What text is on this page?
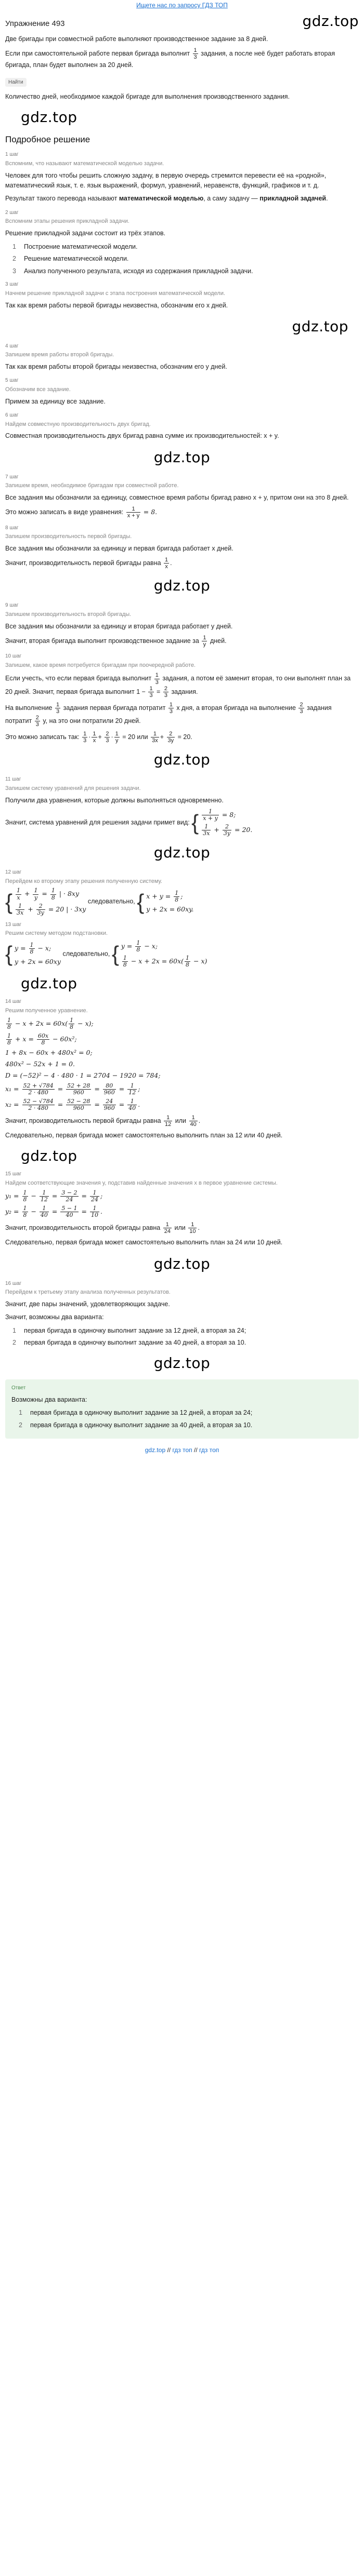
Ищете нас по запросу ГДЗ ТОП
Упражнение 493	gdz.top

Две бригады при совместной работе выполняют производственное задание за 8 дней.

Если при самостоятельной работе первая бригада выполнит $\frac{1}{3}$ задания, а после неё будет работать вторая бригада, план будет выполнен за 20 дней.

Найти

Количество дней, необходимое каждой бригаде для выполнения производственного задания.

gdz.top
Подробное решение
1 шаг
Вспомним, что называют математической моделью задачи.

Человек для того чтобы решить сложную задачу, в первую очередь стремится перевести её на «родной», математический язык, т. е. язык выражений, формул, уравнений, неравенств, функций, графиков и т. д.

Результат такого перевода называют математической моделью, а саму задачу — прикладной задачей.

2 шаг
Вспомним этапы решения прикладной задачи.

Решение прикладной задачи состоит из трёх этапов.

1	Построение математической модели.
2	Решение математической модели.
3	Анализ полученного результата, исходя из содержания прикладной задачи.
3 шаг
Начнем решение прикладной задачи с этапа построения математической модели.

Так как время работы первой бригады неизвестна, обозначим его x дней.

gdz.top
4 шаг
Запишем время работы второй бригады.

Так как время работы второй бригады неизвестна, обозначим его y дней.

5 шаг
Обозначим все задание.

Примем за единицу все задание.

6 шаг
Найдем совместную производительность двух бригад.

Совместная производительность двух бригад равна сумме их производительностей: x + y.

gdz.top
7 шаг
Запишем время, необходимое бригадам при совместной работе.

Все задания мы обозначили за единицу, совместное время работы бригад равно x + y, притом они на это 8 дней.

Это можно записать в виде уравнения: $\frac{1}{x + y} = 8$.

8 шаг
Запишем производительность первой бригады.

Все задания мы обозначили за единицу и первая бригада работает x дней.

Значит, производительность первой бригады равна $\frac{1}{x}$ .

gdz.top
9 шаг
Запишем производительность второй бригады.

Все задания мы обозначили за единицу и вторая бригада работает y дней.

Значит, вторая бригада выполнит производственное задание за $\frac{1}{y}$ дней.

10 шаг
Запишем, какое время потребуется бригадам при поочередной работе.

Если учесть, что если первая бригада выполнит $\frac{1}{3}$ задания, а потом её заменит вторая, то они выполнят план за 20 дней. Значит, первая бригада выполнит $1 - \frac{1}{3} = \frac{2}{3}$ задания.

На выполнение $\frac{1}{3}$ задания первая бригада потратит $\frac{1}{3}$ x дня, а вторая бригада на выполнение $\frac{2}{3}$ задания потратит $\frac{2}{3} y$, на это они потратили 20 дней.

Это можно записать так: $\frac{1}{3} \cdot \frac{1}{x} + \frac{2}{3} \cdot \frac{1}{y} = 20$ или $\frac{1}{3x} + \frac{2}{3y} = 20$.

gdz.top
11 шаг
Запишем систему уравнений для решения задачи.

Получили два уравнения, которые должны выполняться одновременно.

Значит, система уравнений для решения задачи примет вид: { $\frac{1}{x + y} = 8$;
$\frac{1}{3x} + \frac{2}{3y} = 20$.

gdz.top
12 шаг
Перейдем ко второму этапу решения полученную систему.
{ $\frac{1}{x} + \frac{1}{y} = \frac{1}{8}$ | · 8xy
$\frac{1}{3x} + \frac{2}{3y} = 20$ | · 3xy
следовательно, { $x + y = \frac{1}{8}$ ;
y + 2x = 60xy.
13 шаг
Решим систему методом подстановки.
{ $y = \frac{1}{8} - x$;
y + 2x = 60xy
следовательно, { $y = \frac{1}{8} - x$;
$\frac{1}{8} - x + 2x = 60x( \frac{1}{8} - x)$
gdz.top
14 шаг
Решим полученное уравнение.
$\frac{1}{8} - x + 2x = 60x( \frac{1}{8} - x)$;
$\frac{1}{8} + x = \frac{60x}{8} - 60x^2$;
1 + 8x − 60x + 480x² = 0;
480x² − 52x + 1 = 0.
D = (−52)² − 4 · 480 · 1 = 2704 − 1920 = 784;
$x_1 = \frac{52 + √784}{2 \cdot 480} = \frac{52 + 28}{960} = \frac{80}{960} = \frac{1}{12}$ ;
$x_2 = \frac{52 - √784}{2 \cdot 480} = \frac{52 - 28}{960} = \frac{24}{960} = \frac{1}{40}$ .

Значит, производительность первой бригады равна $\frac{1}{12}$ или $\frac{1}{40}$ .

Следовательно, первая бригада может самостоятельно выполнить план за 12 или 40 дней.

gdz.top
15 шаг
Найдем соответствующие значения y, подставив найденные значения x в первое уравнение системы.
$y_1 = \frac{1}{8} - \frac{1}{12} = \frac{3 - 2}{24} = \frac{1}{24}$ ;
$y_2 = \frac{1}{8} - \frac{1}{40} = \frac{5 - 1}{40} = \frac{1}{10}$ .

Значит, производительность второй бригады равна $\frac{1}{24}$ или $\frac{1}{10}$ .

Следовательно, первая бригада может самостоятельно выполнить план за 24 или 10 дней.

gdz.top
16 шаг
Перейдем к третьему этапу анализа полученных результатов.

Значит, две пары значений, удовлетворяющих задаче.

Значит, возможны два варианта:

1	первая бригада в одиночку выполнит задание за 12 дней, а вторая за 24;
2	первая бригада в одиночку выполнит задание за 40 дней, а вторая за 10.
gdz.top
Ответ

Возможны два варианта:

1	первая бригада в одиночку выполнит задание за 12 дней, а вторая за 24;
2	первая бригада в одиночку выполнит задание за 40 дней, а вторая за 10.
gdz.top // гдз топ // гдз топ
